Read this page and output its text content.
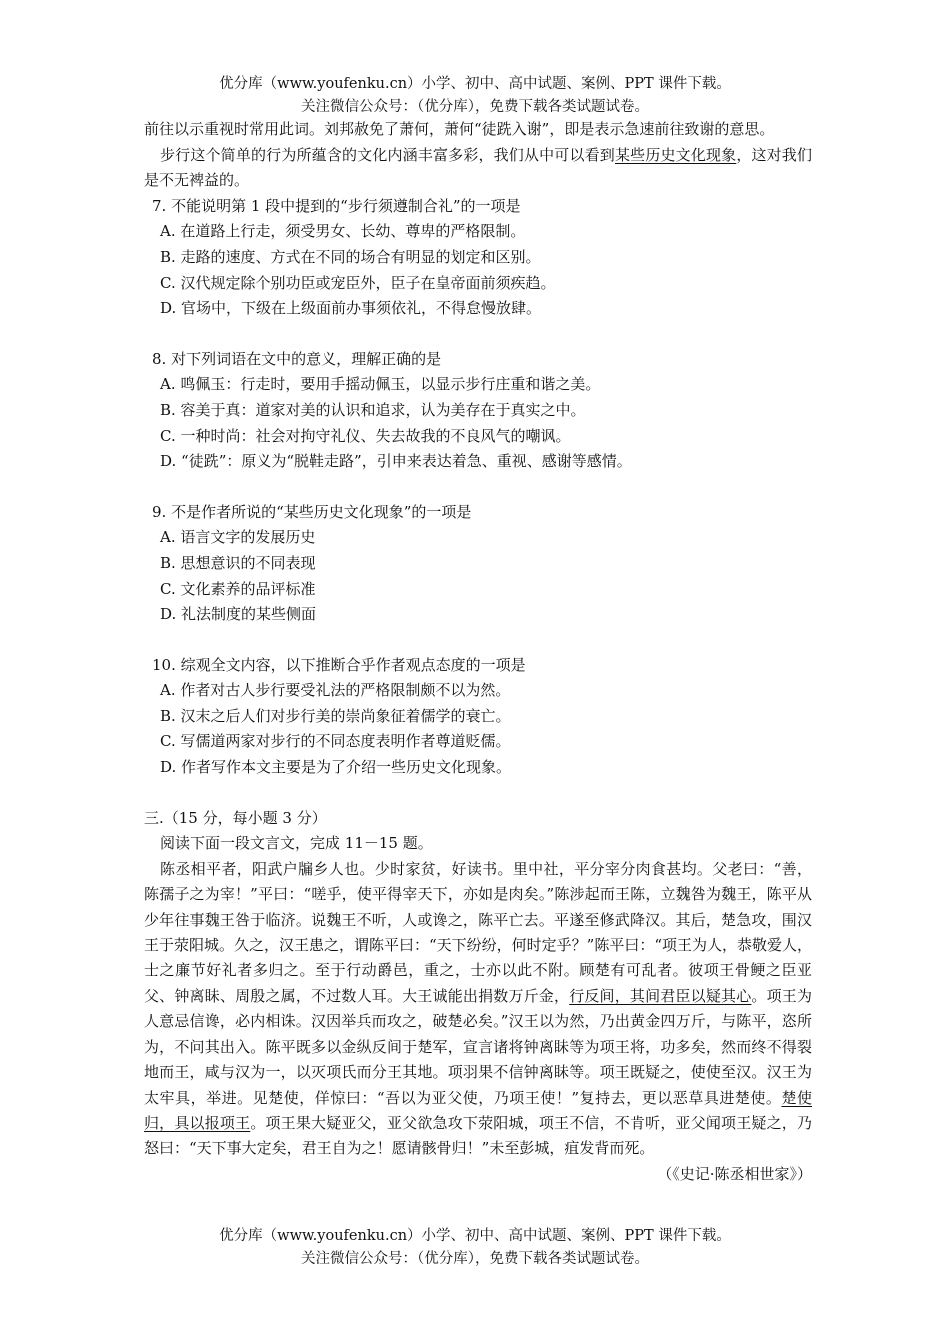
优分库（www.youfenku.cn）小学、初中、高中试题、案例、PPT 课件下载。
关注微信公众号：（优分库），免费下载各类试题试卷。

前往以示重视时常用此词。刘邦赦免了萧何，萧何“徒跣入谢”，即是表示急速前往致谢的意思。

步行这个简单的行为所蕴含的文化内涵丰富多彩，我们从中可以看到某些历史文化现象，这对我们是不无裨益的。

7. 不能说明第 1 段中提到的“步行须遵制合礼”的一项是

A. 在道路上行走，须受男女、长幼、尊卑的严格限制。

B. 走路的速度、方式在不同的场合有明显的划定和区别。

C. 汉代规定除个别功臣或宠臣外，臣子在皇帝面前须疾趋。

D. 官场中，下级在上级面前办事须依礼，不得怠慢放肆。

8. 对下列词语在文中的意义，理解正确的是

A. 鸣佩玉：行走时，要用手摇动佩玉，以显示步行庄重和谐之美。

B. 容美于真：道家对美的认识和追求，认为美存在于真实之中。

C. 一种时尚：社会对拘守礼仪、失去故我的不良风气的嘲讽。

D. “徒跣”：原义为“脱鞋走路”，引申来表达着急、重视、感谢等感情。

9. 不是作者所说的“某些历史文化现象”的一项是

A. 语言文字的发展历史

B. 思想意识的不同表现

C. 文化素养的品评标准

D. 礼法制度的某些侧面

10. 综观全文内容，以下推断合乎作者观点态度的一项是

A. 作者对古人步行要受礼法的严格限制颇不以为然。

B. 汉末之后人们对步行美的崇尚象征着儒学的衰亡。

C. 写儒道两家对步行的不同态度表明作者尊道贬儒。

D. 作者写作本文主要是为了介绍一些历史文化现象。

三.（15 分，每小题 3 分）

阅读下面一段文言文，完成 11－15 题。

陈丞相平者，阳武户牖乡人也。少时家贫，好读书。里中社，平分宰分肉食甚均。父老曰：“善，陈孺子之为宰！”平曰：“嗟乎，使平得宰天下，亦如是肉矣。”陈涉起而王陈，立魏咎为魏王，陈平从少年往事魏王咎于临济。说魏王不听，人或谗之，陈平亡去。平遂至修武降汉。其后，楚急攻，围汉王于荥阳城。久之，汉王患之，谓陈平曰：“天下纷纷，何时定乎？”陈平曰：“项王为人，恭敬爱人，士之廉节好礼者多归之。至于行动爵邑，重之，士亦以此不附。顾楚有可乱者。彼项王骨鲠之臣亚父、钟离眛、周殷之属，不过数人耳。大王诚能出捐数万斤金，行反间，其间君臣以疑其心。项王为人意忌信谗，必内相诛。汉因举兵而攻之，破楚必矣。”汉王以为然，乃出黄金四万斤，与陈平，恣所为，不问其出入。陈平既多以金纵反间于楚军，宣言诸将钟离眛等为项王将，功多矣，然而终不得裂地而王，咸与汉为一，以灭项氏而分王其地。项羽果不信钟离眛等。项王既疑之，使使至汉。汉王为太牢具，举进。见楚使，佯惊曰：“吾以为亚父使，乃项王使！”复持去，更以恶草具进楚使。楚使归，具以报项王。项王果大疑亚父，亚父欲急攻下荥阳城，项王不信，不肯听，亚父闻项王疑之，乃怒曰：“天下事大定矣，君王自为之！愿请骸骨归！”未至彭城，疽发背而死。

（《史记·陈丞相世家》）

优分库（www.youfenku.cn）小学、初中、高中试题、案例、PPT 课件下载。
关注微信公众号：（优分库），免费下载各类试题试卷。
